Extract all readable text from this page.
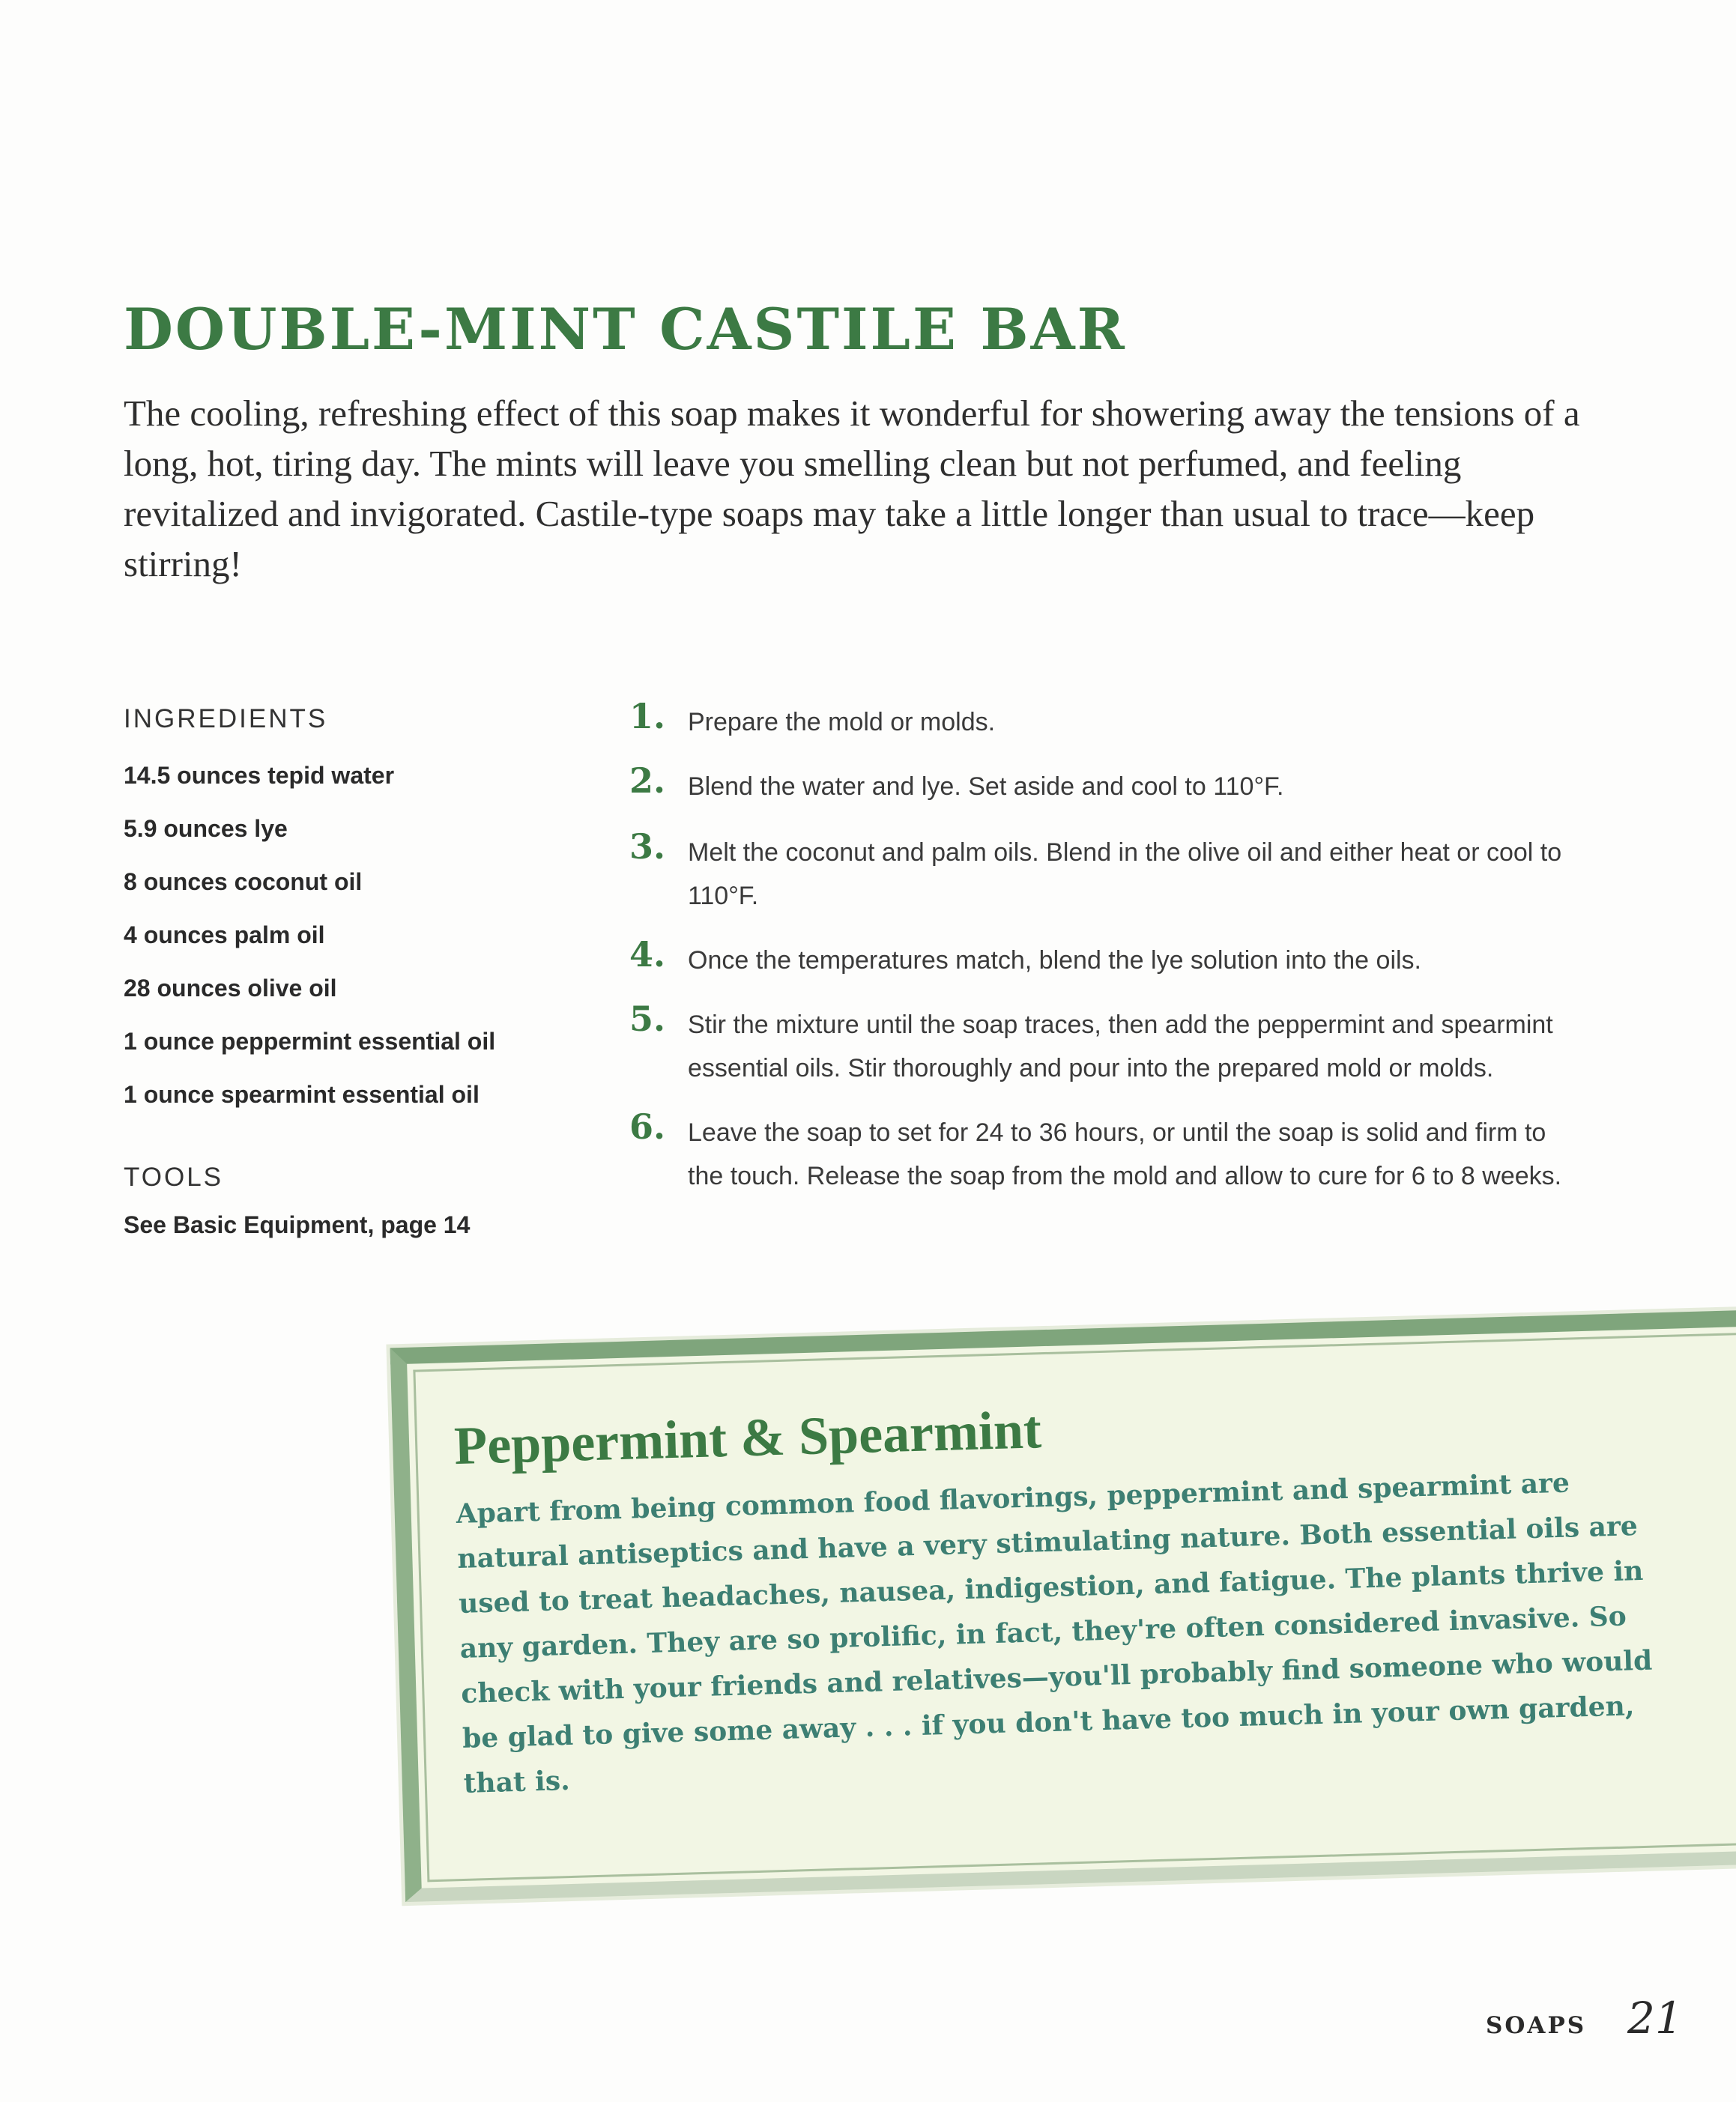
DOUBLE-MINT CASTILE BAR

The cooling, refreshing effect of this soap makes it wonderful for showering away the tensions of a long, hot, tiring day. The mints will leave you smelling clean but not perfumed, and feeling revitalized and invigorated. Castile-type soaps may take a little longer than usual to trace—keep stirring!

INGREDIENTS

14.5 ounces tepid water
5.9 ounces lye
8 ounces coconut oil
4 ounces palm oil
28 ounces olive oil
1 ounce peppermint essential oil
1 ounce spearmint essential oil

TOOLS

See Basic Equipment, page 14

1. Prepare the mold or molds.
2. Blend the water and lye. Set aside and cool to 110°F.
3. Melt the coconut and palm oils. Blend in the olive oil and either heat or cool to 110°F.
4. Once the temperatures match, blend the lye solution into the oils.
5. Stir the mixture until the soap traces, then add the peppermint and spearmint essential oils. Stir thoroughly and pour into the prepared mold or molds.
6. Leave the soap to set for 24 to 36 hours, or until the soap is solid and firm to the touch. Release the soap from the mold and allow to cure for 6 to 8 weeks.
Peppermint & Spearmint

Apart from being common food flavorings, peppermint and spearmint are natural antiseptics and have a very stimulating nature. Both essential oils are used to treat headaches, nausea, indigestion, and fatigue. The plants thrive in any garden. They are so prolific, in fact, they're often considered invasive. So check with your friends and relatives—you'll probably find someone who would be glad to give some away . . . if you don't have too much in your own garden, that is.

SOAPS 21
